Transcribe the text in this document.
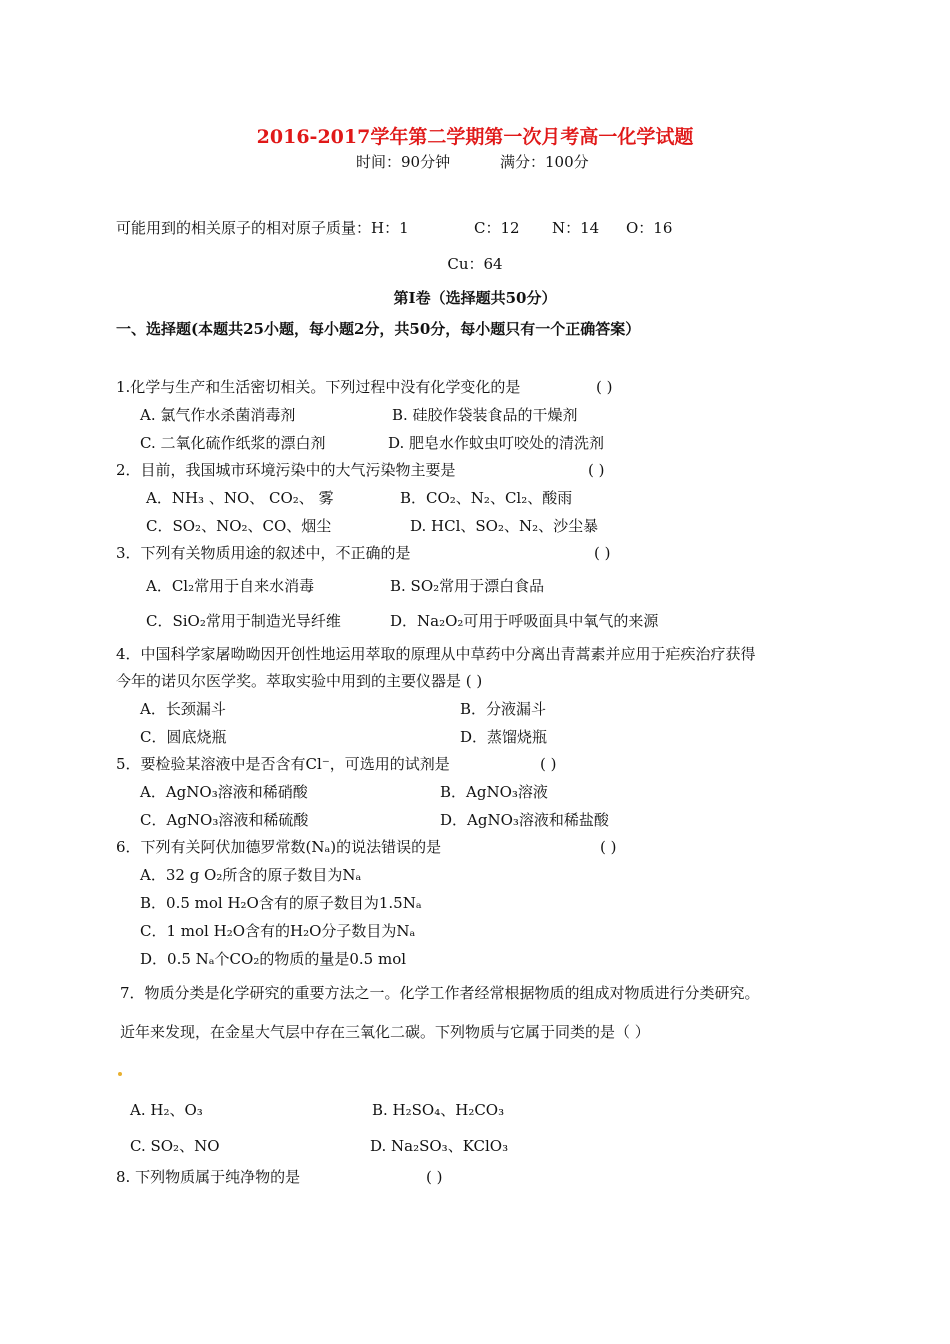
2016-2017学年第二学期第一次月考高一化学试题
时间：90分钟	满分：100分
可能用到的相关原子的相对原子质量：H：1	C：12 N：14 O：16
Cu：64
第Ⅰ卷（选择题共50分）
一、选择题(本题共25小题，每小题2分，共50分，每小题只有一个正确答案）
1.化学与生产和生活密切相关。下列过程中没有化学变化的是	( )
A. 氯气作水杀菌消毒剂	B. 硅胶作袋装食品的干燥剂
C. 二氧化硫作纸浆的漂白剂	D. 肥皂水作蚊虫叮咬处的清洗剂
2．目前，我国城市环境污染中的大气污染物主要是	( )
A．NH₃ 、NO、 CO₂、 雾	B．CO₂、N₂、Cl₂、酸雨
C．SO₂、NO₂、CO、烟尘	D. HCl、SO₂、N₂、沙尘暴
3．下列有关物质用途的叙述中，不正确的是	( )
A．Cl₂常用于自来水消毒	B. SO₂常用于漂白食品
C．SiO₂常用于制造光导纤维	D．Na₂O₂可用于呼吸面具中氧气的来源
4．中国科学家屠呦呦因开创性地运用萃取的原理从中草药中分离出青蒿素并应用于疟疾治疗获得
今年的诺贝尔医学奖。萃取实验中用到的主要仪器是 ( )
A．长颈漏斗	B．分液漏斗
C．圆底烧瓶	D．蒸馏烧瓶
5．要检验某溶液中是否含有Cl⁻，可选用的试剂是	( )
A．AgNO₃溶液和稀硝酸	B．AgNO₃溶液
C．AgNO₃溶液和稀硫酸	D．AgNO₃溶液和稀盐酸
6．下列有关阿伏加德罗常数(Nₐ)的说法错误的是	( )
A．32 g O₂所含的原子数目为Nₐ
B．0.5 mol H₂O含有的原子数目为1.5Nₐ
C．1 mol H₂O含有的H₂O分子数目为Nₐ
D．0.5 Nₐ个CO₂的物质的量是0.5 mol
7．物质分类是化学研究的重要方法之一。化学工作者经常根据物质的组成对物质进行分类研究。
近年来发现，在金星大气层中存在三氧化二碳。下列物质与它属于同类的是（ ）
A. H₂、O₃	B. H₂SO₄、H₂CO₃
C. SO₂、NO	D. Na₂SO₃、KClO₃
8. 下列物质属于纯净物的是	( )
